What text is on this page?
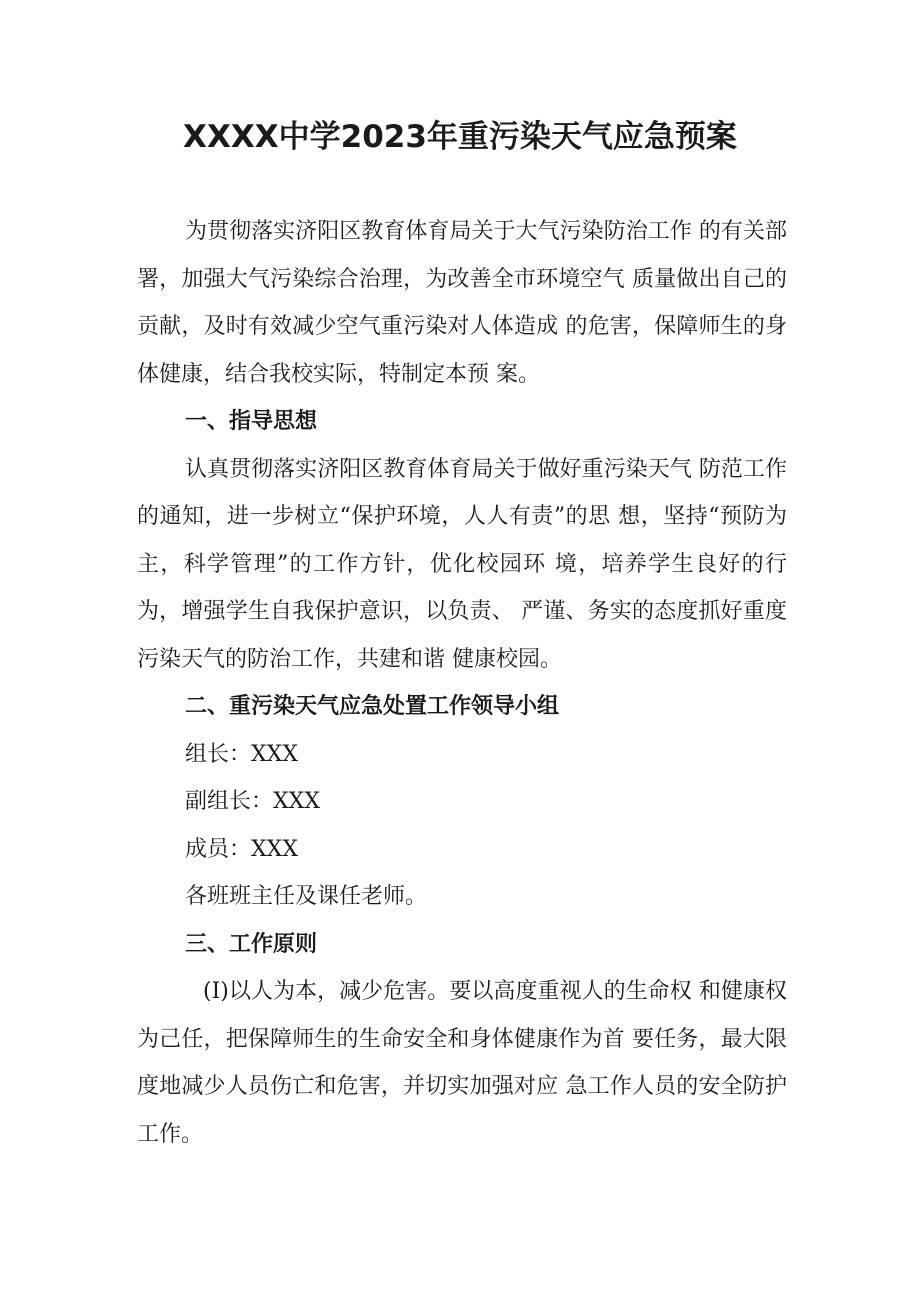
XXXX中学2023年重污染天气应急预案

为贯彻落实济阳区教育体育局关于大气污染防治工作 的有关部署，加强大气污染综合治理，为改善全市环境空气 质量做出自己的贡献，及时有效减少空气重污染对人体造成 的危害，保障师生的身体健康，结合我校实际，特制定本预 案。

一、指导思想

认真贯彻落实济阳区教育体育局关于做好重污染天气 防范工作的通知，进一步树立“保护环境，人人有责”的思 想，坚持“预防为主，科学管理”的工作方针，优化校园环 境，培养学生良好的行为，增强学生自我保护意识，以负责、 严谨、务实的态度抓好重度污染天气的防治工作，共建和谐 健康校园。

二、重污染天气应急处置工作领导小组

组长：XXX

副组长：XXX

成员：XXX

各班班主任及课任老师。

三、工作原则

(I)以人为本，减少危害。要以高度重视人的生命权 和健康权为己任，把保障师生的生命安全和身体健康作为首 要任务，最大限度地减少人员伤亡和危害，并切实加强对应 急工作人员的安全防护工作。
